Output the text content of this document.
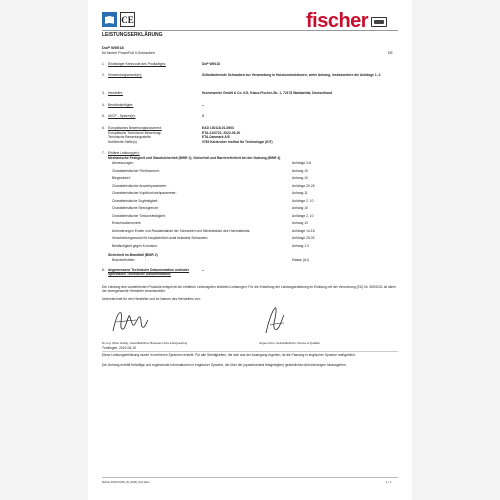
CE	fischer
LEISTUNGSERKLÄRUNG
DoP W0018
für fischer PowerFull II-Schrauben	DE
1. Eindeutiger Kenncode des Produkttyps:	DoP W0018
2. Verwendungszweck(e):	Selbstbohrende Schrauben zur Verwendung in Holzkonstruktionen, siehe Anhang, insbesondere die Anhänge 1, 2.
3. Hersteller:	fischerwerke GmbH & Co. KG, Klaus-Fischer-Str. 1, 72178 Waldachtal, Deutschland
4. Bevollmächtigter:	--
5. AVCP - System(e):	3
6. Europäisches Bewertungsdokument:	EAD 130118-01-0603
Europäische Technische Bewertung:	ETA-21/0721; 2022-06-20
Technische Bewertungsstelle:	ETA-Danmark A/S
Notifizierte Stelle(n):	0769 Karlsruher Institut für Technologie (KIT)
7. Erklärte Leistung(en):
Mechanische Festigkeit und Standsicherheit (BWR 1); Sicherheit und Barrierefreiheit bei der Nutzung (BWR 4)
Abmessungen:	Anhänge 3-8
Charakteristischer Fließmoment:	Anhang 10
Biegewinkel:	Anhang 10
Charakteristischer Ausziehparameter:	Anhänge 20-26
Charakteristischer Kopfdurchziehparameter:	Anhang 11
Charakteristische Zugfestigkeit:	Anhänge 2, 10
Charakteristische Streckgrenze:	Anhang 10
Charakteristischer Torsionsfestigkeit:	Anhänge 2, 10
Einschraubmoment:	Anhang 10
Anforderungen Enden und Randabstände der Schrauben und Mindestdicke des Holzmaterials:	Anhänge 14-18
Verschiebungsmodul für hauptsächlich axial belastete Schrauben:	Anhänge 25-30
Beständigkeit gegen Korrosion:	Anhang 1.3
Sicherheit im Brandfall (BWR 2)
Brandverhalten:	Klasse (A1)
8. Angemessene Technische Dokumentation und/oder Spezifische Technische Dokumentation:
--
Die Leistung des vorstehenden Produkts entspricht der erklärten Leistung/den erklärten Leistungen. Für die Erstellung der Leistungserklärung im Einklang mit der Verordnung (EU) Nr. 305/2011 ist allein der obengenannte Hersteller verantwortlich.
Unterzeichnet für den Hersteller und im Namen des Herstellers von:
Dr.-Ing. Oliver Geibig, Geschäftsführer Business Units & Engineering	Jürgen Grün, Geschäftsführer Chemie & Qualität
Tumlingen, 2022-06-19
Diese Leistungserklärung wurde in mehreren Sprachen erstellt. Für alle Streitigkeiten, die sich aus der Auslegung ergeben, ist die Fassung in englischer Sprache maßgeblich.
Der Anhang enthält freiwillige und ergänzende Informationen in englischer Sprache, die über die (sprachneutral festgelegten) gesetzlichen Anforderungen hinausgehen.
fischer DATA DOP_W_0018_V11.docx	1 / 1
